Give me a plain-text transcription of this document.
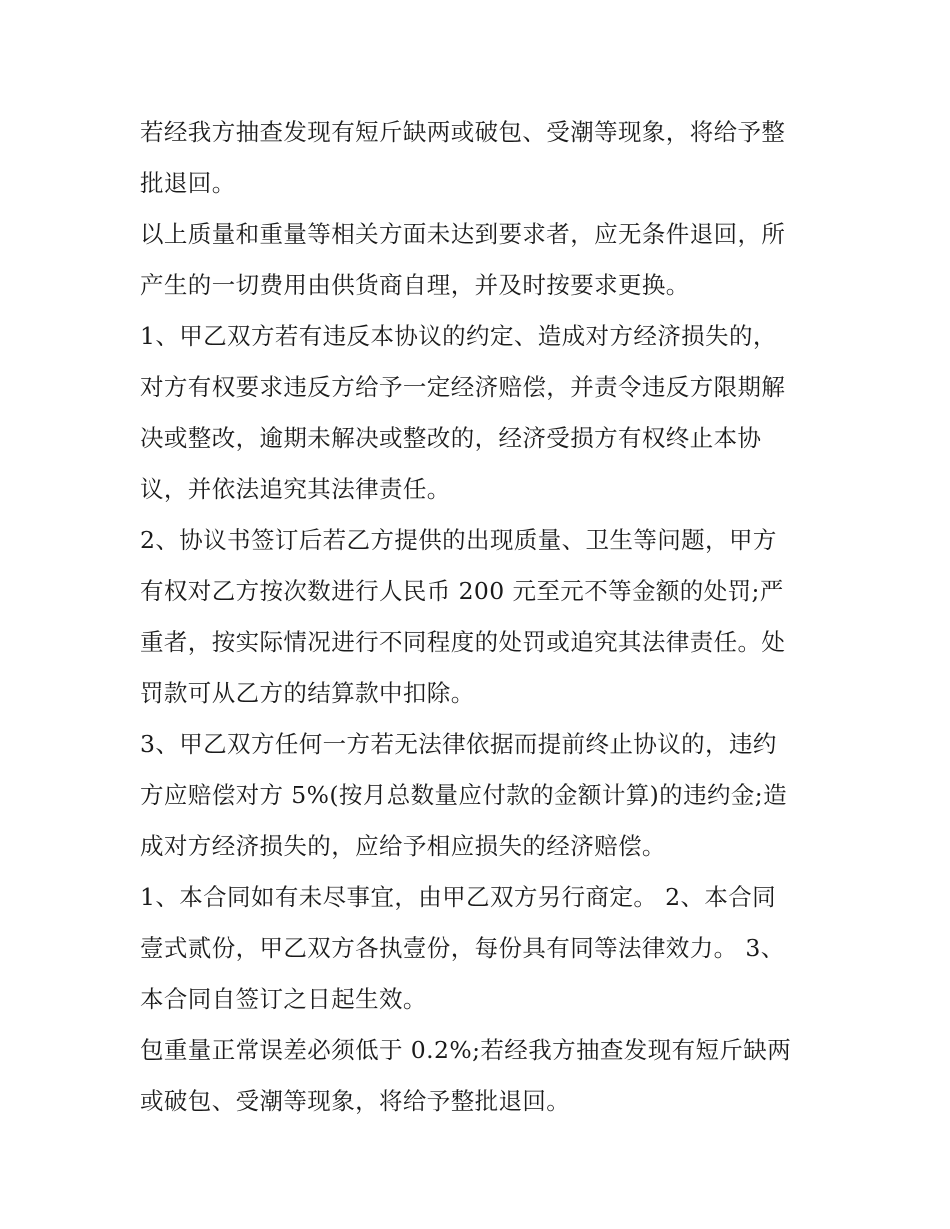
若经我方抽查发现有短斤缺两或破包、受潮等现象，将给予整
批退回。
以上质量和重量等相关方面未达到要求者，应无条件退回，所
产生的一切费用由供货商自理，并及时按要求更换。
1、甲乙双方若有违反本协议的约定、造成对方经济损失的，
对方有权要求违反方给予一定经济赔偿，并责令违反方限期解
决或整改，逾期未解决或整改的，经济受损方有权终止本协
议，并依法追究其法律责任。
2、协议书签订后若乙方提供的出现质量、卫生等问题，甲方
有权对乙方按次数进行人民币 200 元至元不等金额的处罚;严
重者，按实际情况进行不同程度的处罚或追究其法律责任。处
罚款可从乙方的结算款中扣除。
3、甲乙双方任何一方若无法律依据而提前终止协议的，违约
方应赔偿对方 5%(按月总数量应付款的金额计算)的违约金;造
成对方经济损失的，应给予相应损失的经济赔偿。
1、本合同如有未尽事宜，由甲乙双方另行商定。 2、本合同
壹式贰份，甲乙双方各执壹份，每份具有同等法律效力。 3、
本合同自签订之日起生效。
包重量正常误差必须低于 0.2%;若经我方抽查发现有短斤缺两
或破包、受潮等现象，将给予整批退回。
